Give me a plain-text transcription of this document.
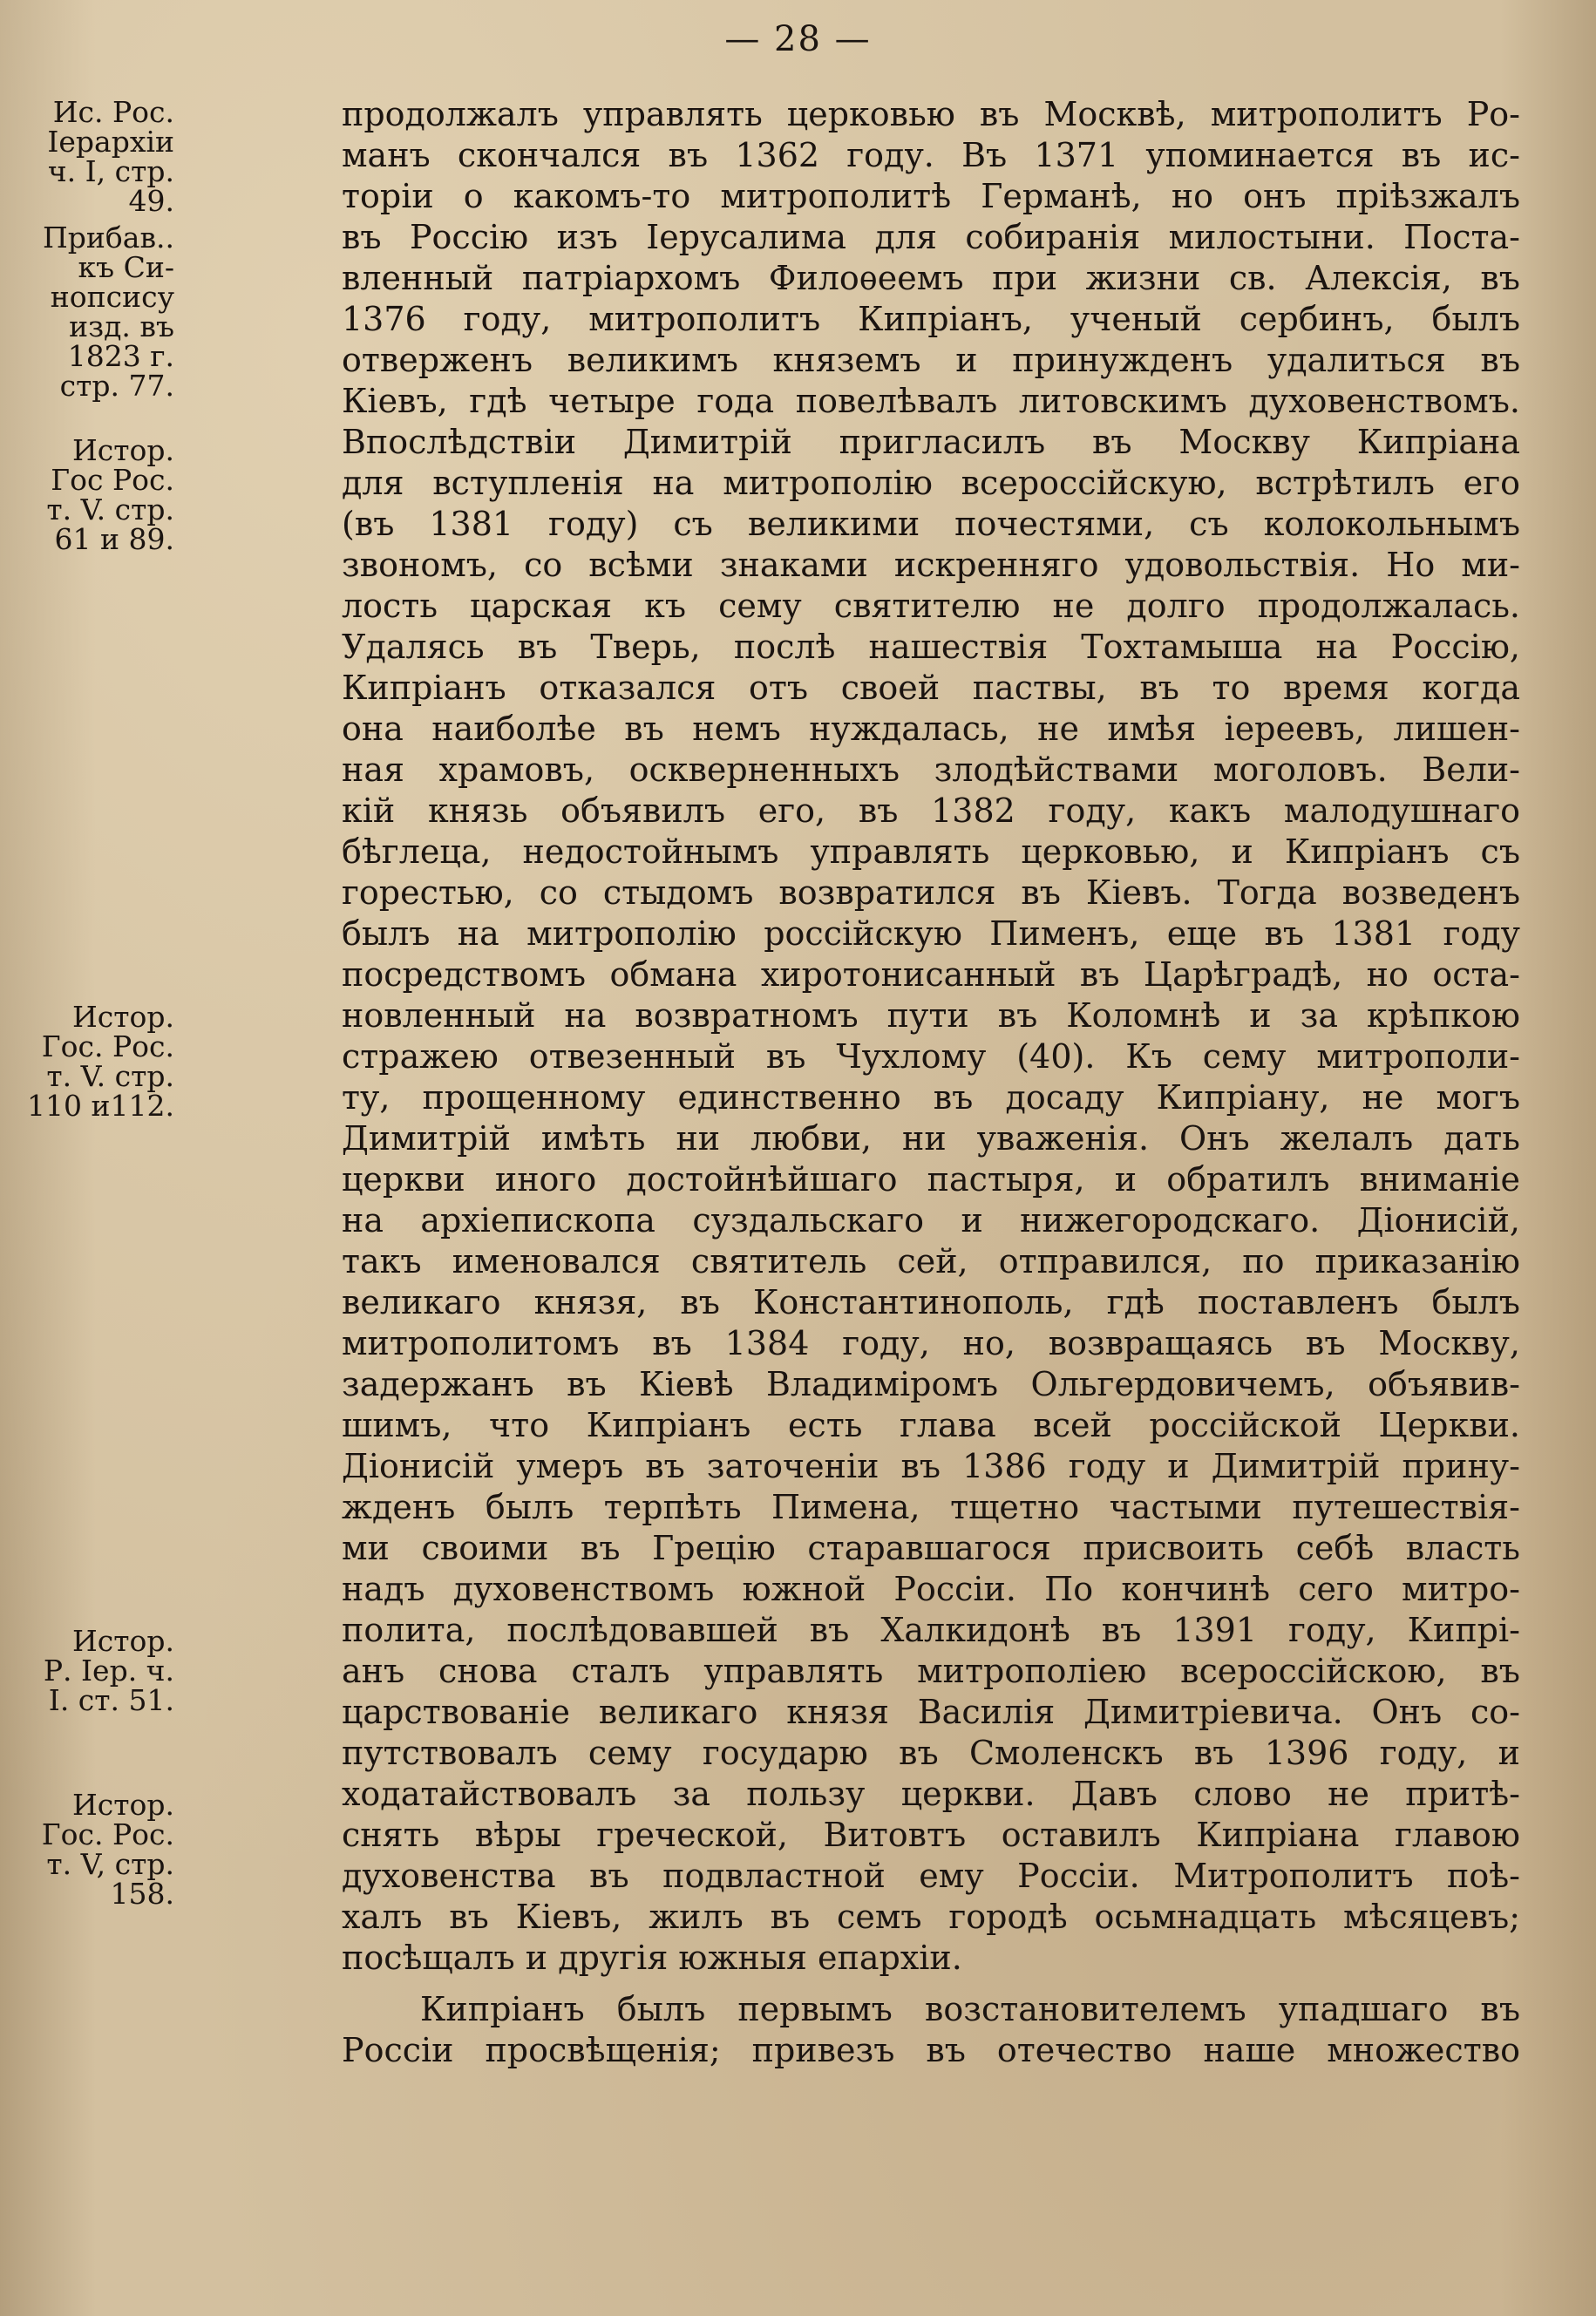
— 28 —
Ис. Рос.
Іерархіи
ч. I, стр.
49.
Прибав..
къ Си-
нопсису
изд. въ
1823 г.
стр. 77.
Истор.
Гос Рос.
т. V. стр.
61 и 89.
Истор.
Гос. Рос.
т. V. стр.
110 и112.
Истор.
Р. Іер. ч.
I. ст. 51.
Истор.
Гос. Рос.
т. V, стр.
158.
продолжалъ управлять церковью въ Москвѣ, митрополитъ Ро-
манъ скончался въ 1362 году. Въ 1371 упоминается въ ис-
торіи о какомъ-то митрополитѣ Германѣ, но онъ пріѣзжалъ
въ Россію изъ Іерусалима для собиранія милостыни. Поста-
вленный патріархомъ Филоѳеемъ при жизни св. Алексія, въ
1376 году, митрополитъ Кипріанъ, ученый сербинъ, былъ
отверженъ великимъ княземъ и принужденъ удалиться въ
Кіевъ, гдѣ четыре года повелѣвалъ литовскимъ духовенствомъ.
Впослѣдствіи Димитрій пригласилъ въ Москву Кипріана
для вступленія на митрополію всероссійскую, встрѣтилъ его
(въ 1381 году) съ великими почестями, съ колокольнымъ
звономъ, со всѣми знаками искренняго удовольствія. Но ми-
лость царская къ сему святителю не долго продолжалась.
Удалясь въ Тверь, послѣ нашествія Тохтамыша на Россію,
Кипріанъ отказался отъ своей паствы, въ то время когда
она наиболѣе въ немъ нуждалась, не имѣя іереевъ, лишен-
ная храмовъ, оскверненныхъ злодѣйствами моголовъ. Вели-
кій князь объявилъ его, въ 1382 году, какъ малодушнаго
бѣглеца, недостойнымъ управлять церковью, и Кипріанъ съ
горестью, со стыдомъ возвратился въ Кіевъ. Тогда возведенъ
былъ на митрополію россійскую Пименъ, еще въ 1381 году
посредствомъ обмана хиротонисанный въ Царѣградѣ, но оста-
новленный на возвратномъ пути въ Коломнѣ и за крѣпкою
стражею отвезенный въ Чухлому (40). Къ сему митрополи-
ту, прощенному единственно въ досаду Кипріану, не могъ
Димитрій имѣть ни любви, ни уваженія. Онъ желалъ дать
церкви иного достойнѣйшаго пастыря, и обратилъ вниманіе
на архіепископа суздальскаго и нижегородскаго. Діонисій,
такъ именовался святитель сей, отправился, по приказанію
великаго князя, въ Константинополь, гдѣ поставленъ былъ
митрополитомъ въ 1384 году, но, возвращаясь въ Москву,
задержанъ въ Кіевѣ Владиміромъ Ольгердовичемъ, объявив-
шимъ, что Кипріанъ есть глава всей россійской Церкви.
Діонисій умеръ въ заточеніи въ 1386 году и Димитрій прину-
жденъ былъ терпѣть Пимена, тщетно частыми путешествія-
ми своими въ Грецію старавшагося присвоить себѣ власть
надъ духовенствомъ южной Россіи. По кончинѣ сего митро-
полита, послѣдовавшей въ Халкидонѣ въ 1391 году, Кипрі-
анъ снова сталъ управлять митрополіею всероссійскою, въ
царствованіе великаго князя Василія Димитріевича. Онъ со-
путствовалъ сему государю въ Смоленскъ въ 1396 году, и
ходатайствовалъ за пользу церкви. Давъ слово не притѣ-
снять вѣры греческой, Витовтъ оставилъ Кипріана главою
духовенства въ подвластной ему Россіи. Митрополитъ поѣ-
халъ въ Кіевъ, жилъ въ семъ городѣ осьмнадцать мѣсяцевъ;
посѣщалъ и другія южныя епархіи.
Кипріанъ былъ первымъ возстановителемъ упадшаго въ
Россіи просвѣщенія; привезъ въ отечество наше множество
